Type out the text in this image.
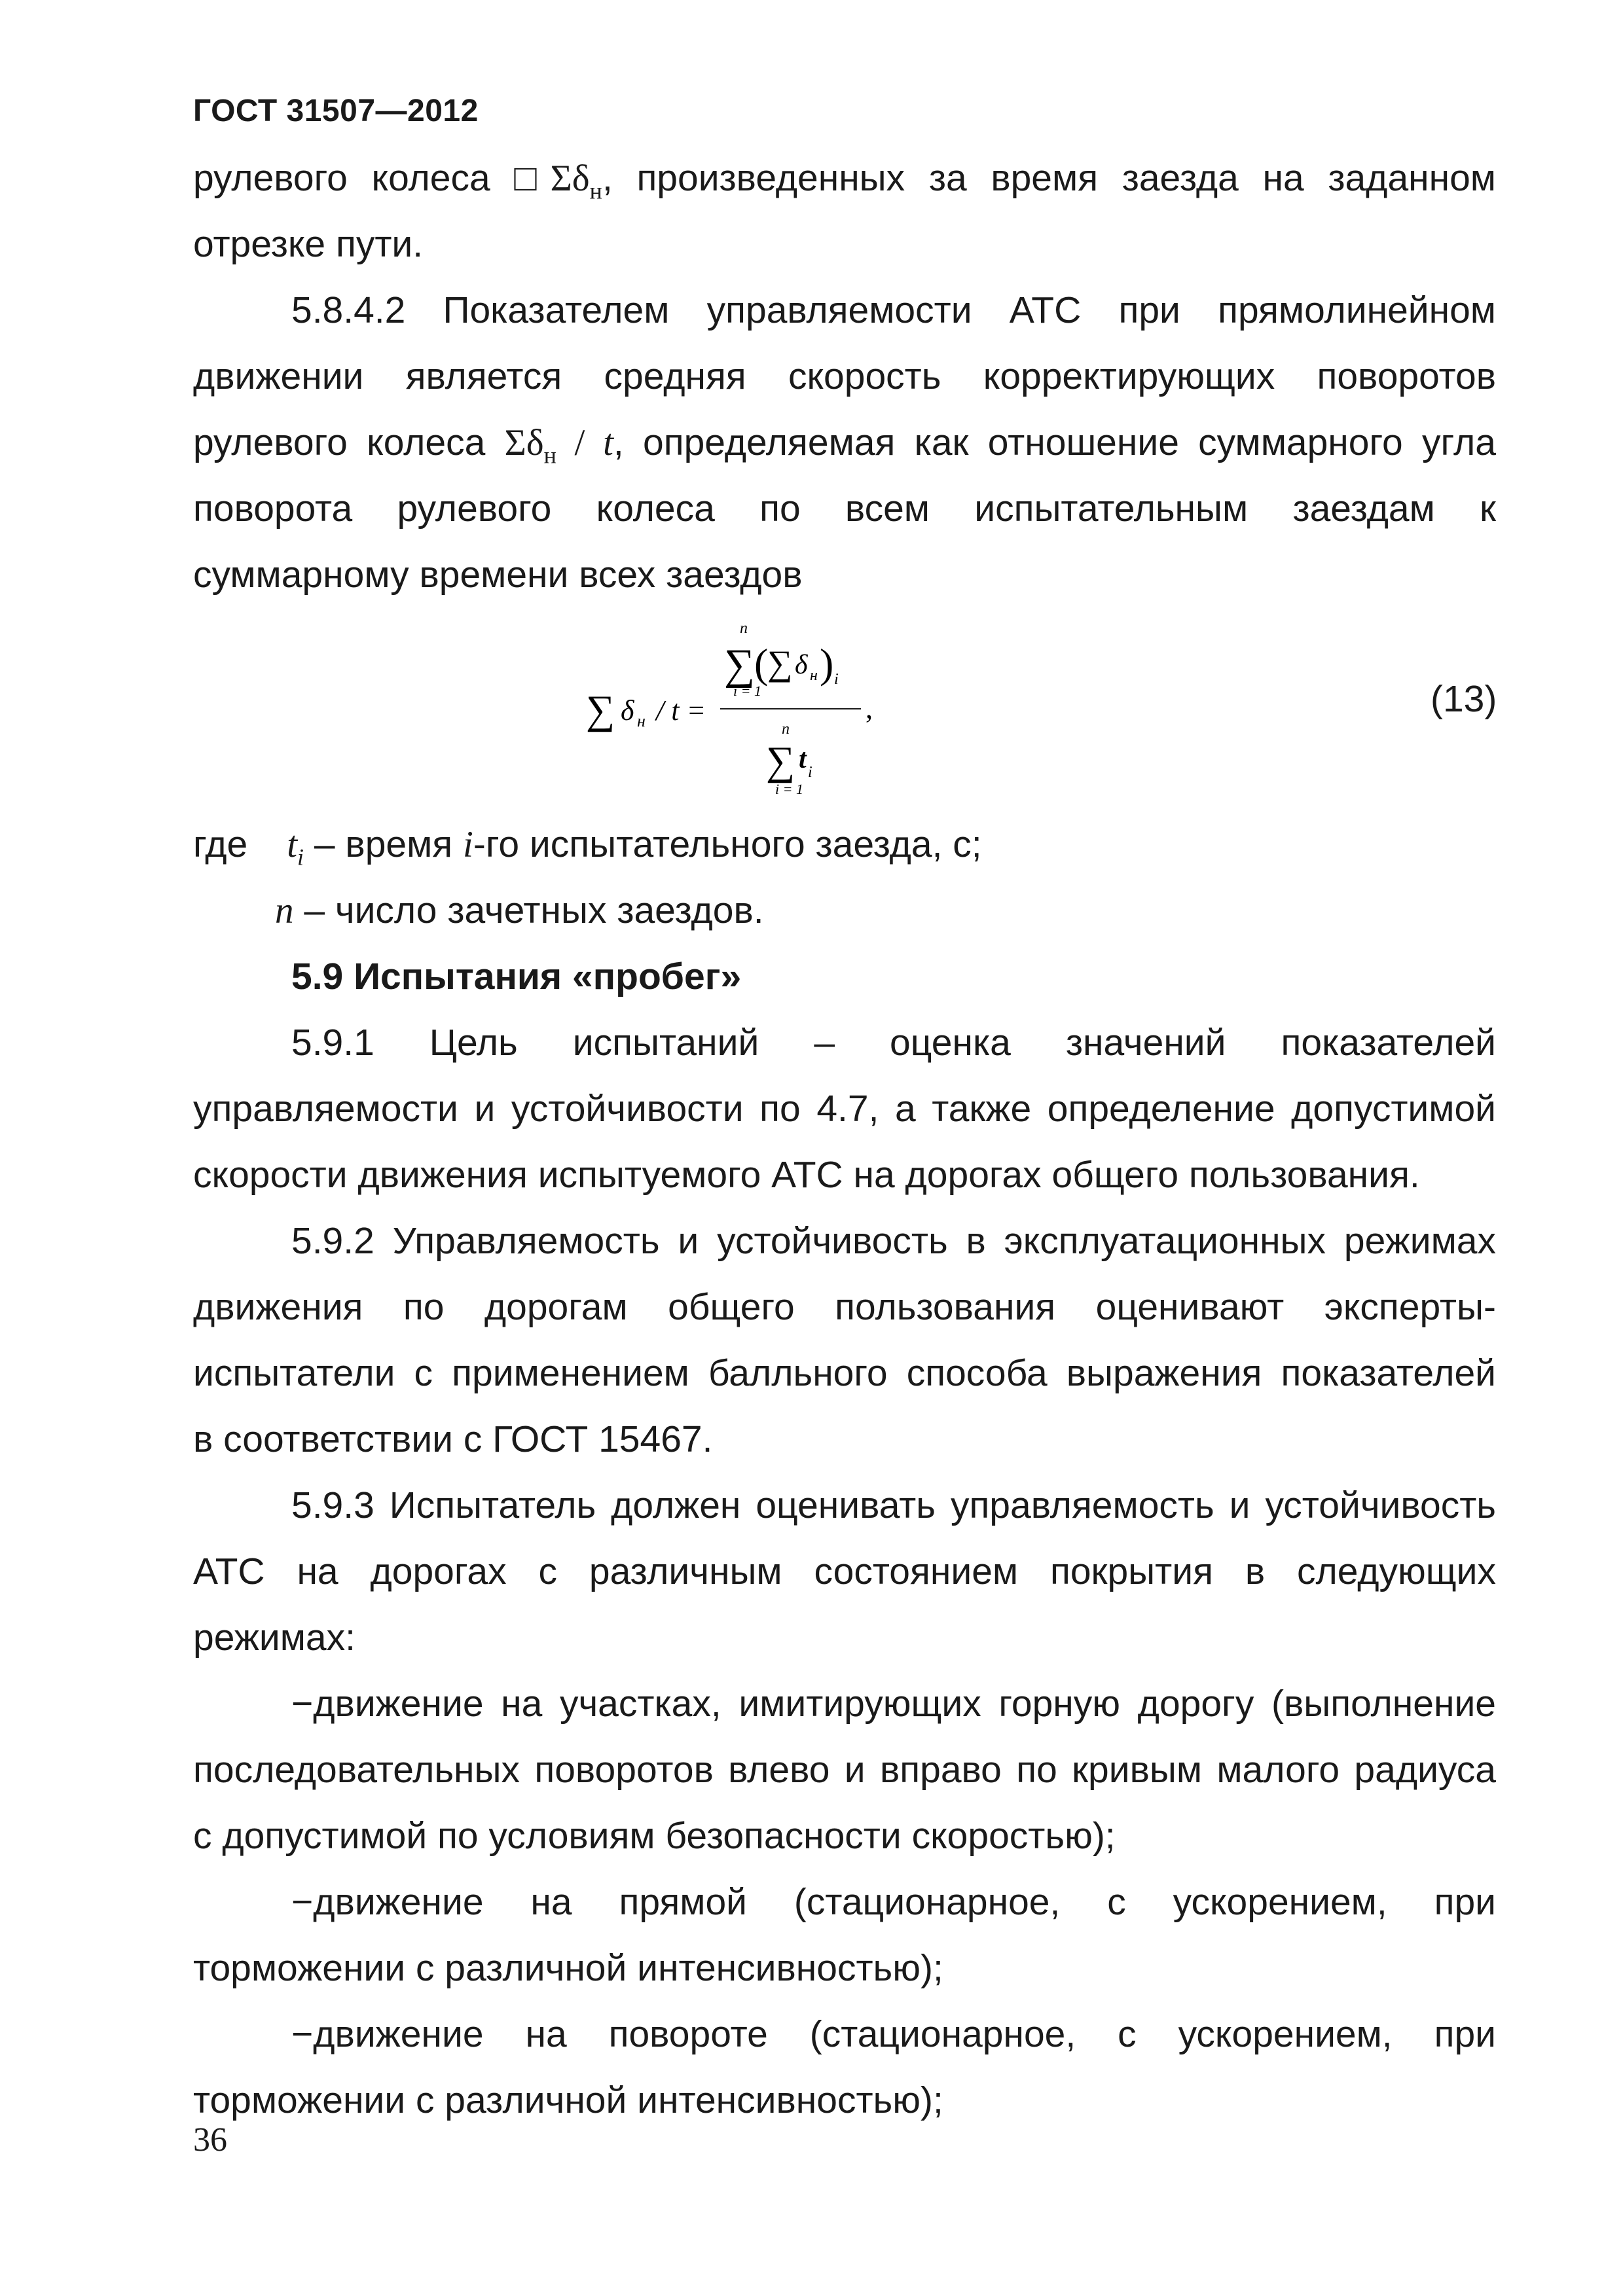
ГОСТ 31507—2012
рулевого колеса $□\Sigma\delta_н$, произведенных за время заезда на заданном
отрезке пути.
5.8.4.2 Показателем управляемости АТС при прямолинейном
движении является средняя скорость корректирующих поворотов
рулевого колеса $\Sigma\delta_н$ / t, определяемая как отношение суммарного угла
поворота рулевого колеса по всем испытательным заездам к
суммарному времени всех заездов
∑ δ н / t =
n
∑
i = 1
(
∑ δ н ) i
,
n
∑
i = 1
t i
(13)
где $t_i$ – время i-го испытательного заезда, с;
n – число зачетных заездов.
5.9 Испытания «пробег»
5.9.1 Цель испытаний – оценка значений показателей
управляемости и устойчивости по 4.7, а также определение допустимой
скорости движения испытуемого АТС на дорогах общего пользования.
5.9.2 Управляемость и устойчивость в эксплуатационных режимах
движения по дорогам общего пользования оценивают эксперты-
испытатели с применением балльного способа выражения показателей
в соответствии с ГОСТ 15467.
5.9.3 Испытатель должен оценивать управляемость и устойчивость
АТС на дорогах с различным состоянием покрытия в следующих
режимах:
−движение на участках, имитирующих горную дорогу (выполнение
последовательных поворотов влево и вправо по кривым малого радиуса
с допустимой по условиям безопасности скоростью);
−движение на прямой (стационарное, с ускорением, при
торможении с различной интенсивностью);
−движение на повороте (стационарное, с ускорением, при
торможении с различной интенсивностью);
36
